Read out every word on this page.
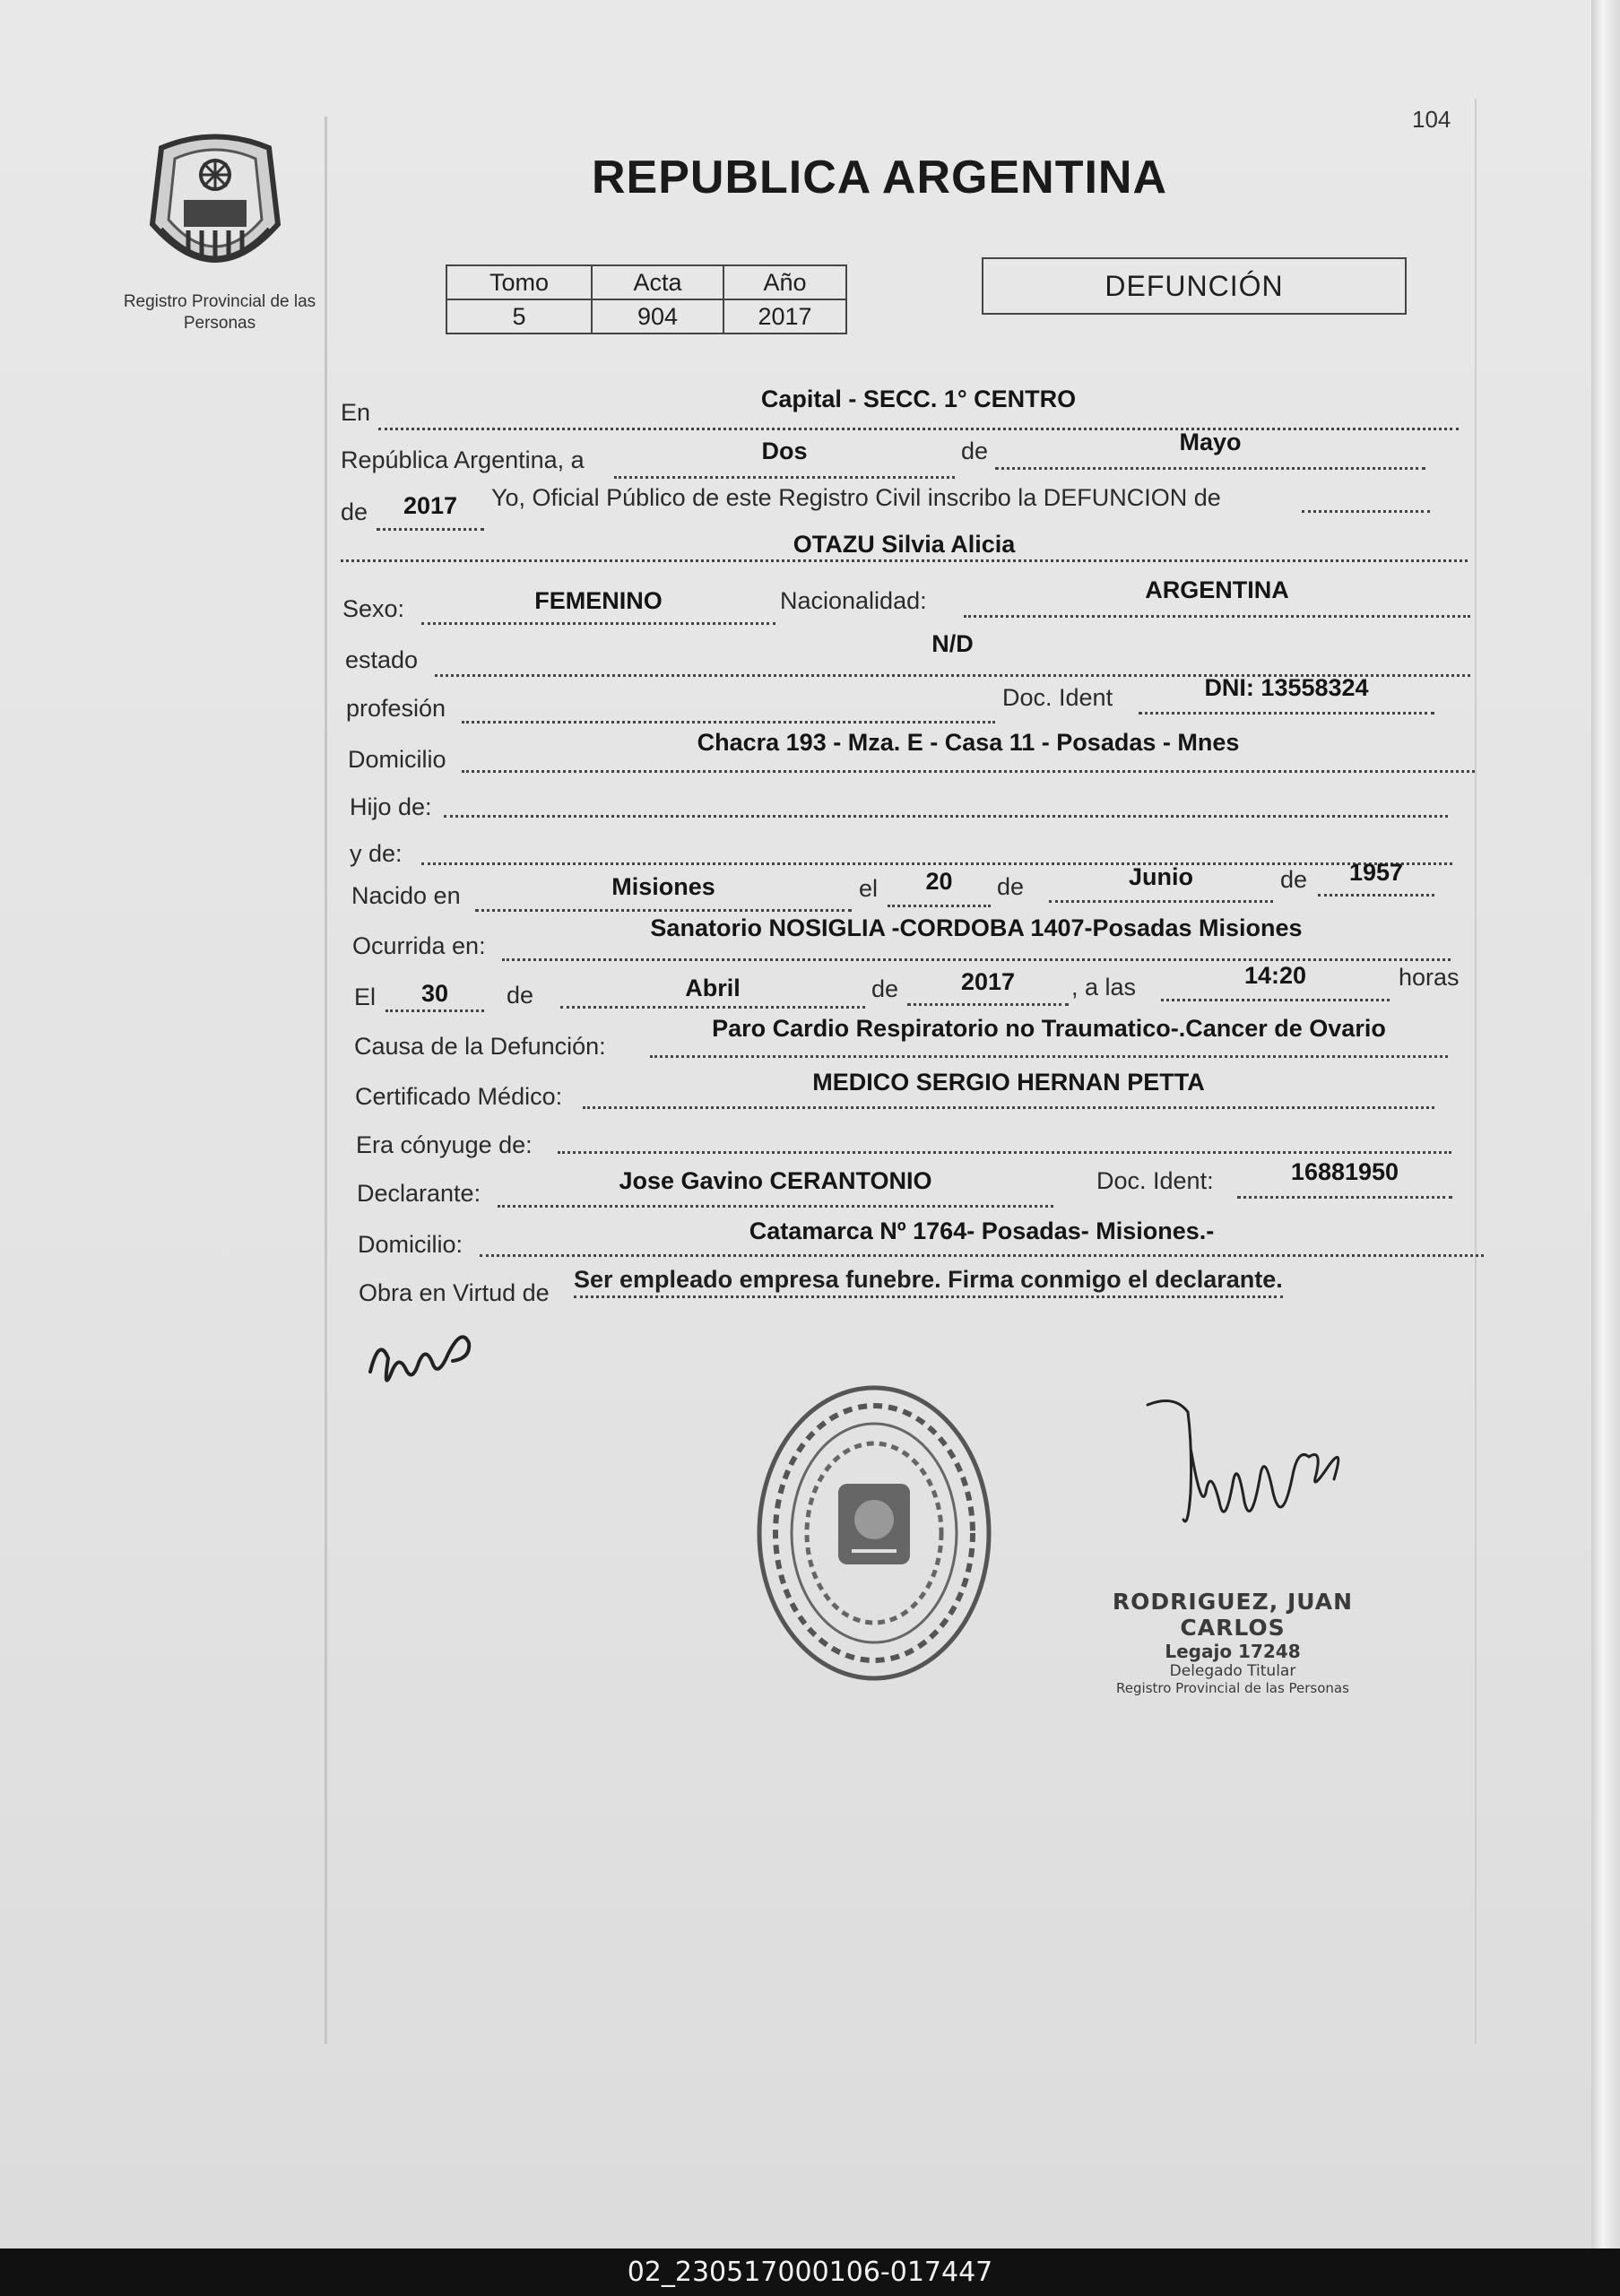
104
Registro Provincial de las Personas
REPUBLICA ARGENTINA
Tomo	Acta	Año
5	904	2017
DEFUNCIÓN
En	Capital - SECC. 1° CENTRO
República Argentina, a	Dos	de	Mayo
de	2017	Yo, Oficial Público de este Registro Civil inscribo la DEFUNCION de
OTAZU Silvia Alicia
Sexo:	FEMENINO	Nacionalidad:	ARGENTINA
estado
N/D
profesión	Doc. Ident	DNI: 13558324
Domicilio
Chacra 193 - Mza. E - Casa 11 - Posadas - Mnes
Hijo de:
y de:
Nacido en	Misiones	el	20	de	Junio	de	1957
Ocurrida en:
Sanatorio NOSIGLIA -CORDOBA 1407-Posadas Misiones
El	30	de	Abril	de	2017	, a las	14:20	horas
Causa de la Defunción:
Paro Cardio Respiratorio no Traumatico-.Cancer de Ovario
Certificado Médico:
MEDICO SERGIO HERNAN PETTA
Era cónyuge de:
Declarante:	Jose Gavino CERANTONIO	Doc. Ident:	16881950
Domicilio:	Catamarca Nº 1764- Posadas- Misiones.-
Obra en Virtud de Ser empleado empresa funebre. Firma conmigo el declarante.
RODRIGUEZ, JUAN CARLOS
Legajo 17248
Delegado Titular
Registro Provincial de las Personas
02_230517000106-017447
